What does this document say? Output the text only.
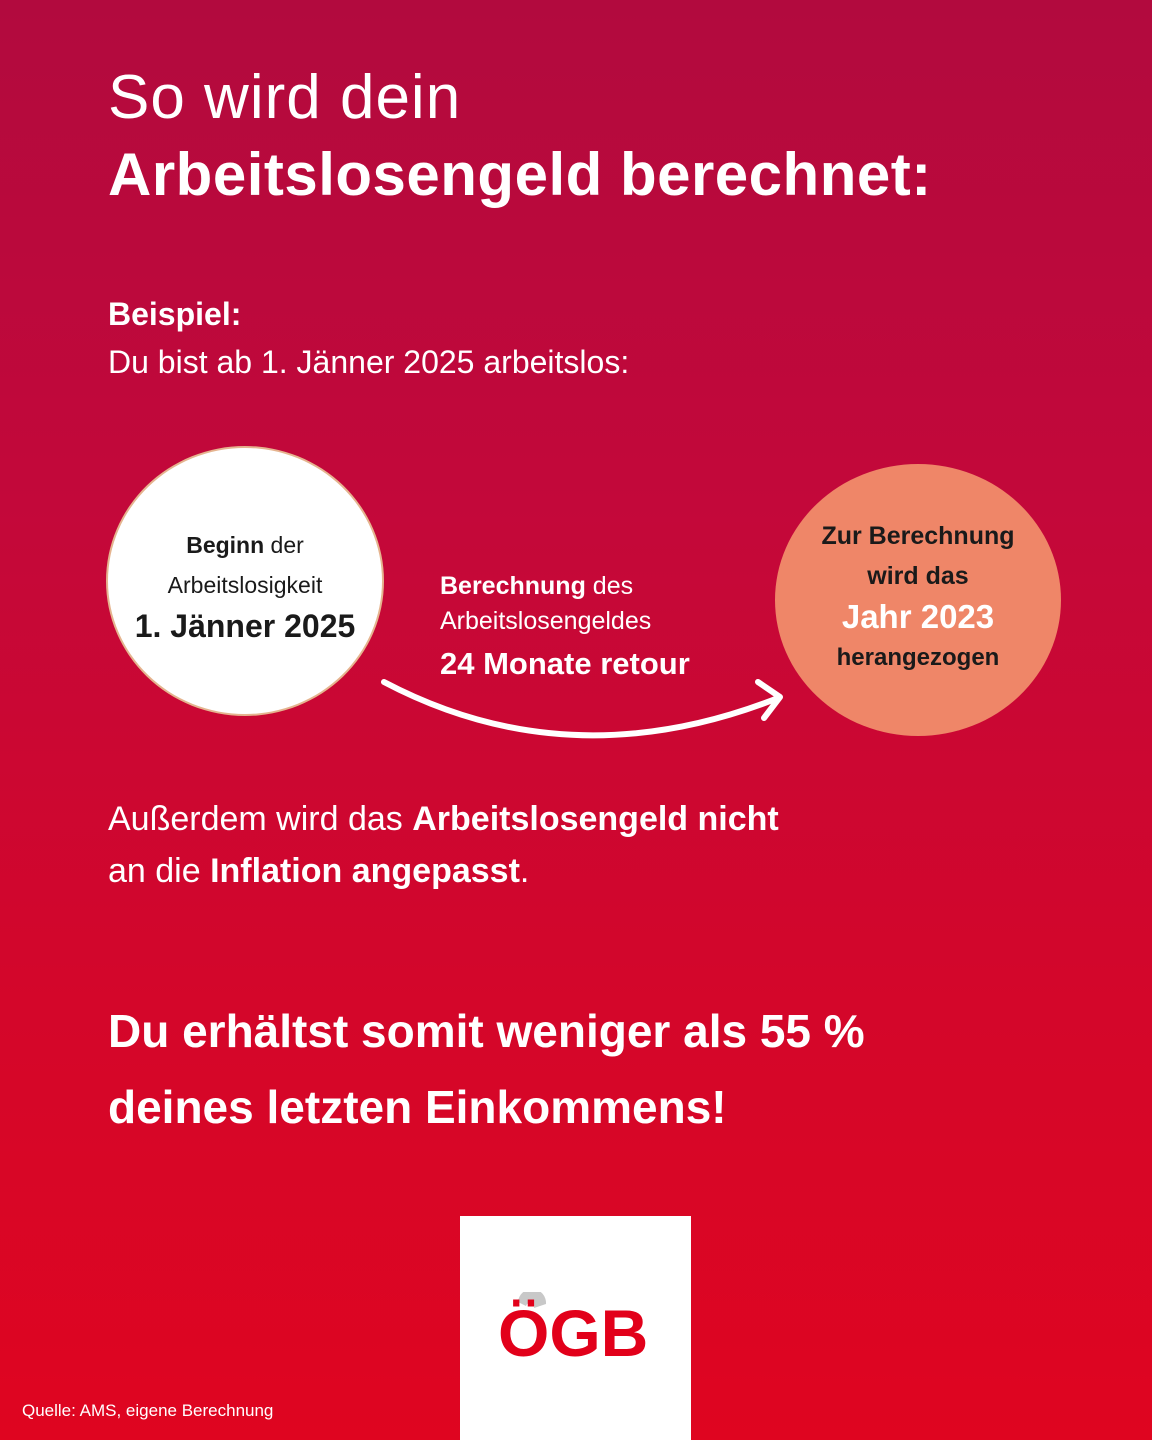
So wird dein
Arbeitslosengeld berechnet:
Beispiel:
Du bist ab 1. Jänner 2025 arbeitslos:
Beginn der
Arbeitslosigkeit
1. Jänner 2025
Berechnung des
Arbeitslosengeldes
24 Monate retour
Zur Berechnung
wird das
Jahr 2023
herangezogen
Außerdem wird das Arbeitslosengeld nicht
an die Inflation angepasst.
Du erhältst somit weniger als 55 %
deines letzten Einkommens!
ÖGB
Quelle: AMS, eigene Berechnung
